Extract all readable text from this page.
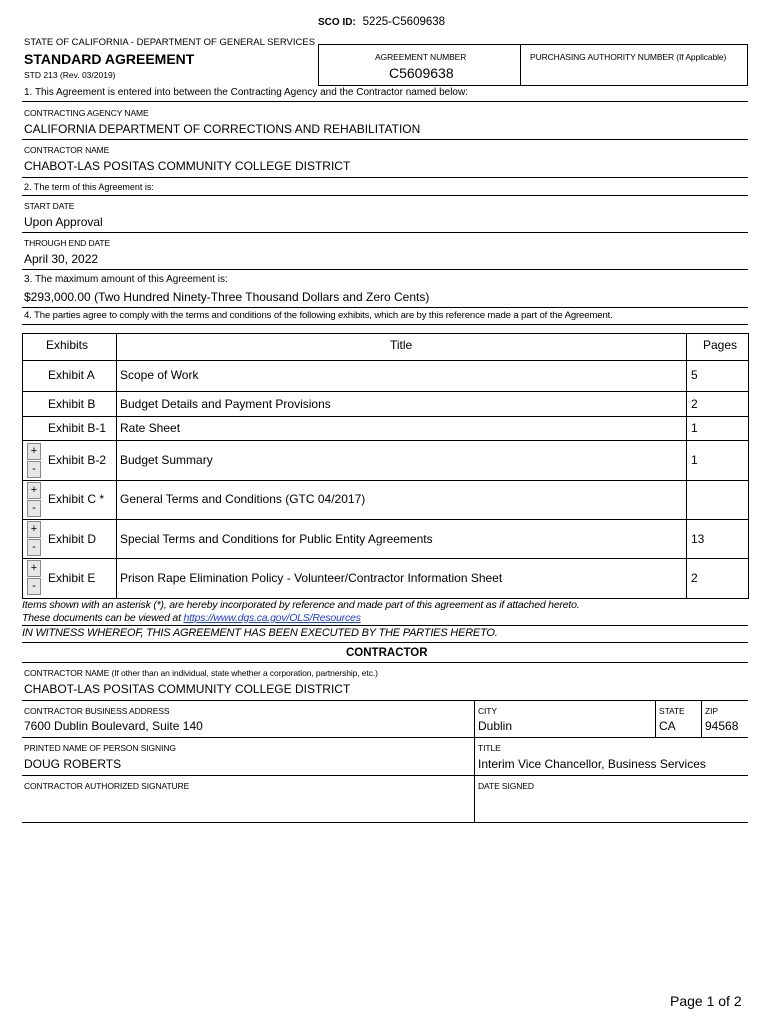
SCO ID: 5225-C5609638
STATE OF CALIFORNIA - DEPARTMENT OF GENERAL SERVICES
STANDARD AGREEMENT
STD 213 (Rev. 03/2019)
AGREEMENT NUMBER
C5609638
PURCHASING AUTHORITY NUMBER (If Applicable)
1. This Agreement is entered into between the Contracting Agency and the Contractor named below:
CONTRACTING AGENCY NAME
CALIFORNIA DEPARTMENT OF CORRECTIONS AND REHABILITATION
CONTRACTOR NAME
CHABOT-LAS POSITAS COMMUNITY COLLEGE DISTRICT
2. The term of this Agreement is:
START DATE
Upon Approval
THROUGH END DATE
April 30, 2022
3. The maximum amount of this Agreement is:
$293,000.00 (Two Hundred Ninety-Three Thousand Dollars and Zero Cents)
4. The parties agree to comply with the terms and conditions of the following exhibits, which are by this reference made a part of the Agreement.
Exhibits	Title	Pages
Exhibit A Scope of Work	5
Exhibit B Budget Details and Payment Provisions	2
Exhibit B-1 Rate Sheet	1
+
-
Exhibit B-2 Budget Summary	1
+
-
Exhibit C * General Terms and Conditions (GTC 04/2017)
+
-
Exhibit D Special Terms and Conditions for Public Entity Agreements	13
+
-
Exhibit E Prison Rape Elimination Policy - Volunteer/Contractor Information Sheet	2
Items shown with an asterisk (*), are hereby incorporated by reference and made part of this agreement as if attached hereto.
These documents can be viewed at https://www.dgs.ca.gov/OLS/Resources
IN WITNESS WHEREOF, THIS AGREEMENT HAS BEEN EXECUTED BY THE PARTIES HERETO.
CONTRACTOR
CONTRACTOR NAME (If other than an individual, state whether a corporation, partnership, etc.)
CHABOT-LAS POSITAS COMMUNITY COLLEGE DISTRICT
CONTRACTOR BUSINESS ADDRESS
7600 Dublin Boulevard, Suite 140
CITY
Dublin
STATE
CA
ZIP
94568
PRINTED NAME OF PERSON SIGNING
DOUG ROBERTS
TITLE
Interim Vice Chancellor, Business Services
CONTRACTOR AUTHORIZED SIGNATURE	DATE SIGNED
Page 1 of 2
